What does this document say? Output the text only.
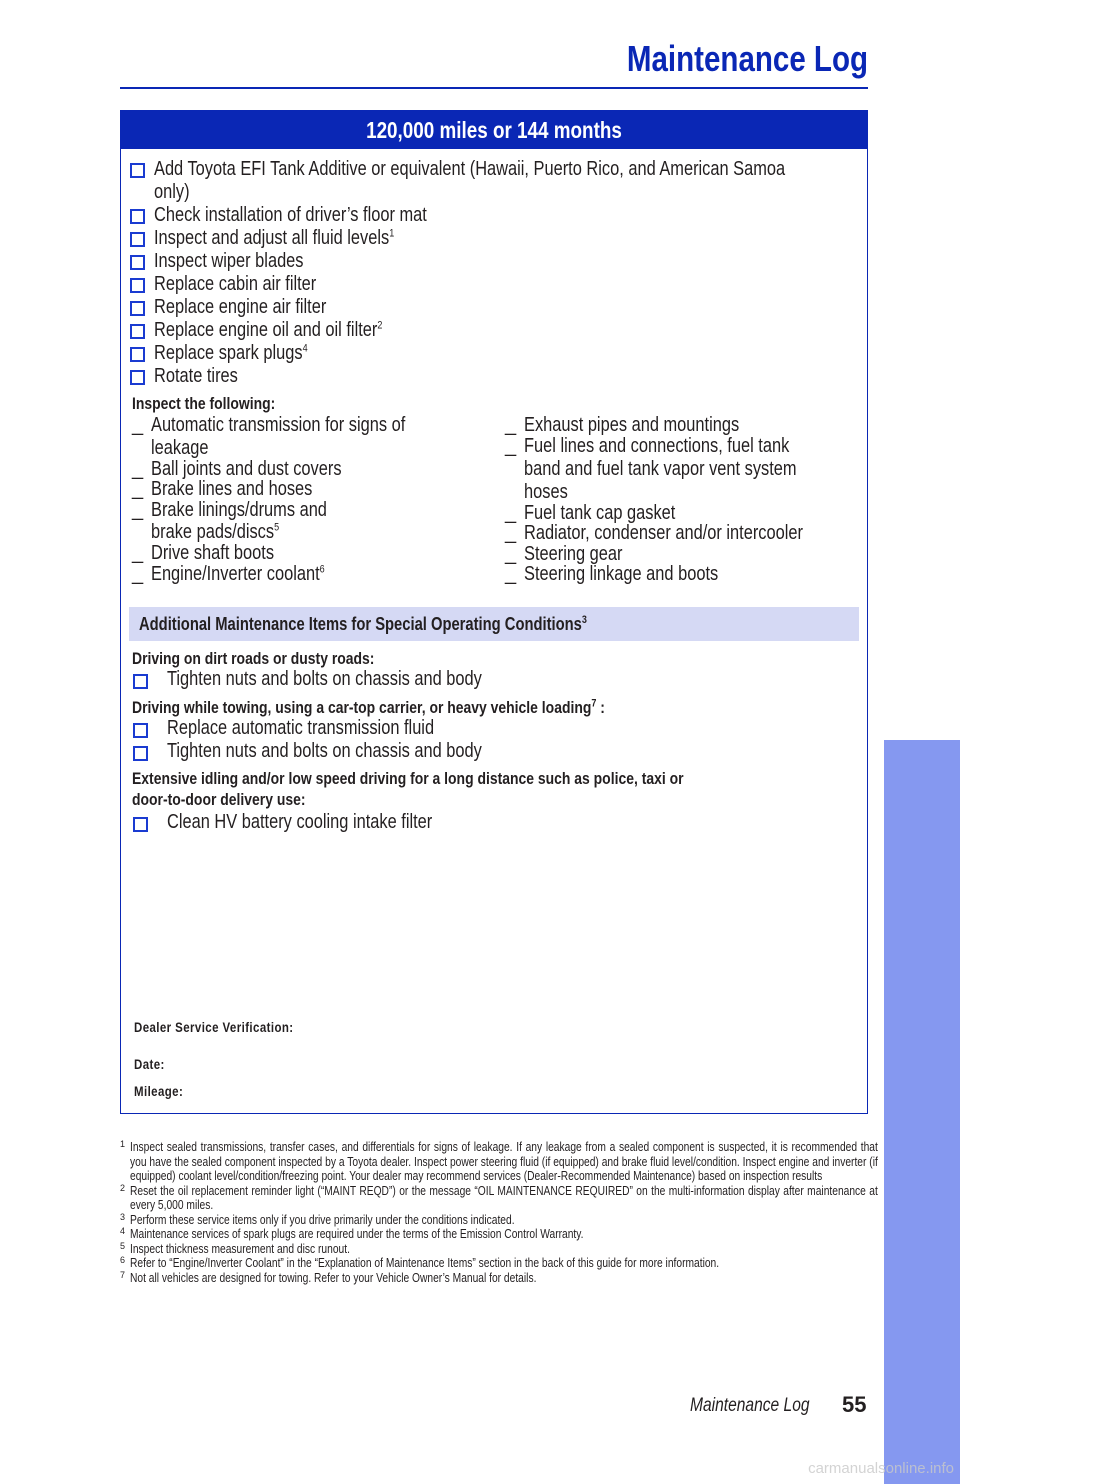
Maintenance Log
120,000 miles or 144 months
Add Toyota EFI Tank Additive or equivalent (Hawaii, Puerto Rico, and American Samoa
only)
Check installation of driver’s floor mat
Inspect and adjust all fluid levels$^1$
Inspect wiper blades
Replace cabin air filter
Replace engine air filter
Replace engine oil and oil filter$^2$
Replace spark plugs$^4$
Rotate tires
Inspect the following:
_ Automatic transmission for signs of
leakage
_ Ball joints and dust covers
_ Brake lines and hoses
_ Brake linings/drums and
brake pads/discs$^5$
_ Drive shaft boots
_ Engine/Inverter coolant$^6$
_ Exhaust pipes and mountings
_ Fuel lines and connections, fuel tank
band and fuel tank vapor vent system
hoses
_ Fuel tank cap gasket
_ Radiator, condenser and/or intercooler
_ Steering gear
_ Steering linkage and boots
Additional Maintenance Items for Special Operating Conditions$^3$
Driving on dirt roads or dusty roads:
Tighten nuts and bolts on chassis and body
Driving while towing, using a car-top carrier, or heavy vehicle loading$^7$ :
Replace automatic transmission fluid
Tighten nuts and bolts on chassis and body
Extensive idling and/or low speed driving for a long distance such as police, taxi or
door-to-door delivery use:
Clean HV battery cooling intake filter
Dealer Service Verification:
Date:
Mileage:
1 Inspect sealed transmissions, transfer cases, and differentials for signs of leakage. If any leakage from a sealed component is suspected, it is recommended that you have the sealed component inspected by a Toyota dealer. Inspect power steering fluid (if equipped) and brake fluid level/condition. Inspect engine and inverter (if equipped) coolant level/condition/freezing point. Your dealer may recommend services (Dealer-Recommended Maintenance) based on inspection results
2 Reset the oil replacement reminder light (“MAINT REQD”) or the message “OIL MAINTENANCE REQUIRED” on the multi-information display after maintenance at every 5,000 miles.
3 Perform these service items only if you drive primarily under the conditions indicated.
4 Maintenance services of spark plugs are required under the terms of the Emission Control Warranty.
5 Inspect thickness measurement and disc runout.
6 Refer to “Engine/Inverter Coolant” in the “Explanation of Maintenance Items” section in the back of this guide for more information.
7 Not all vehicles are designed for towing. Refer to your Vehicle Owner’s Manual for details.
Maintenance Log	55
MAINTENANCE
carmanualsonline.info
